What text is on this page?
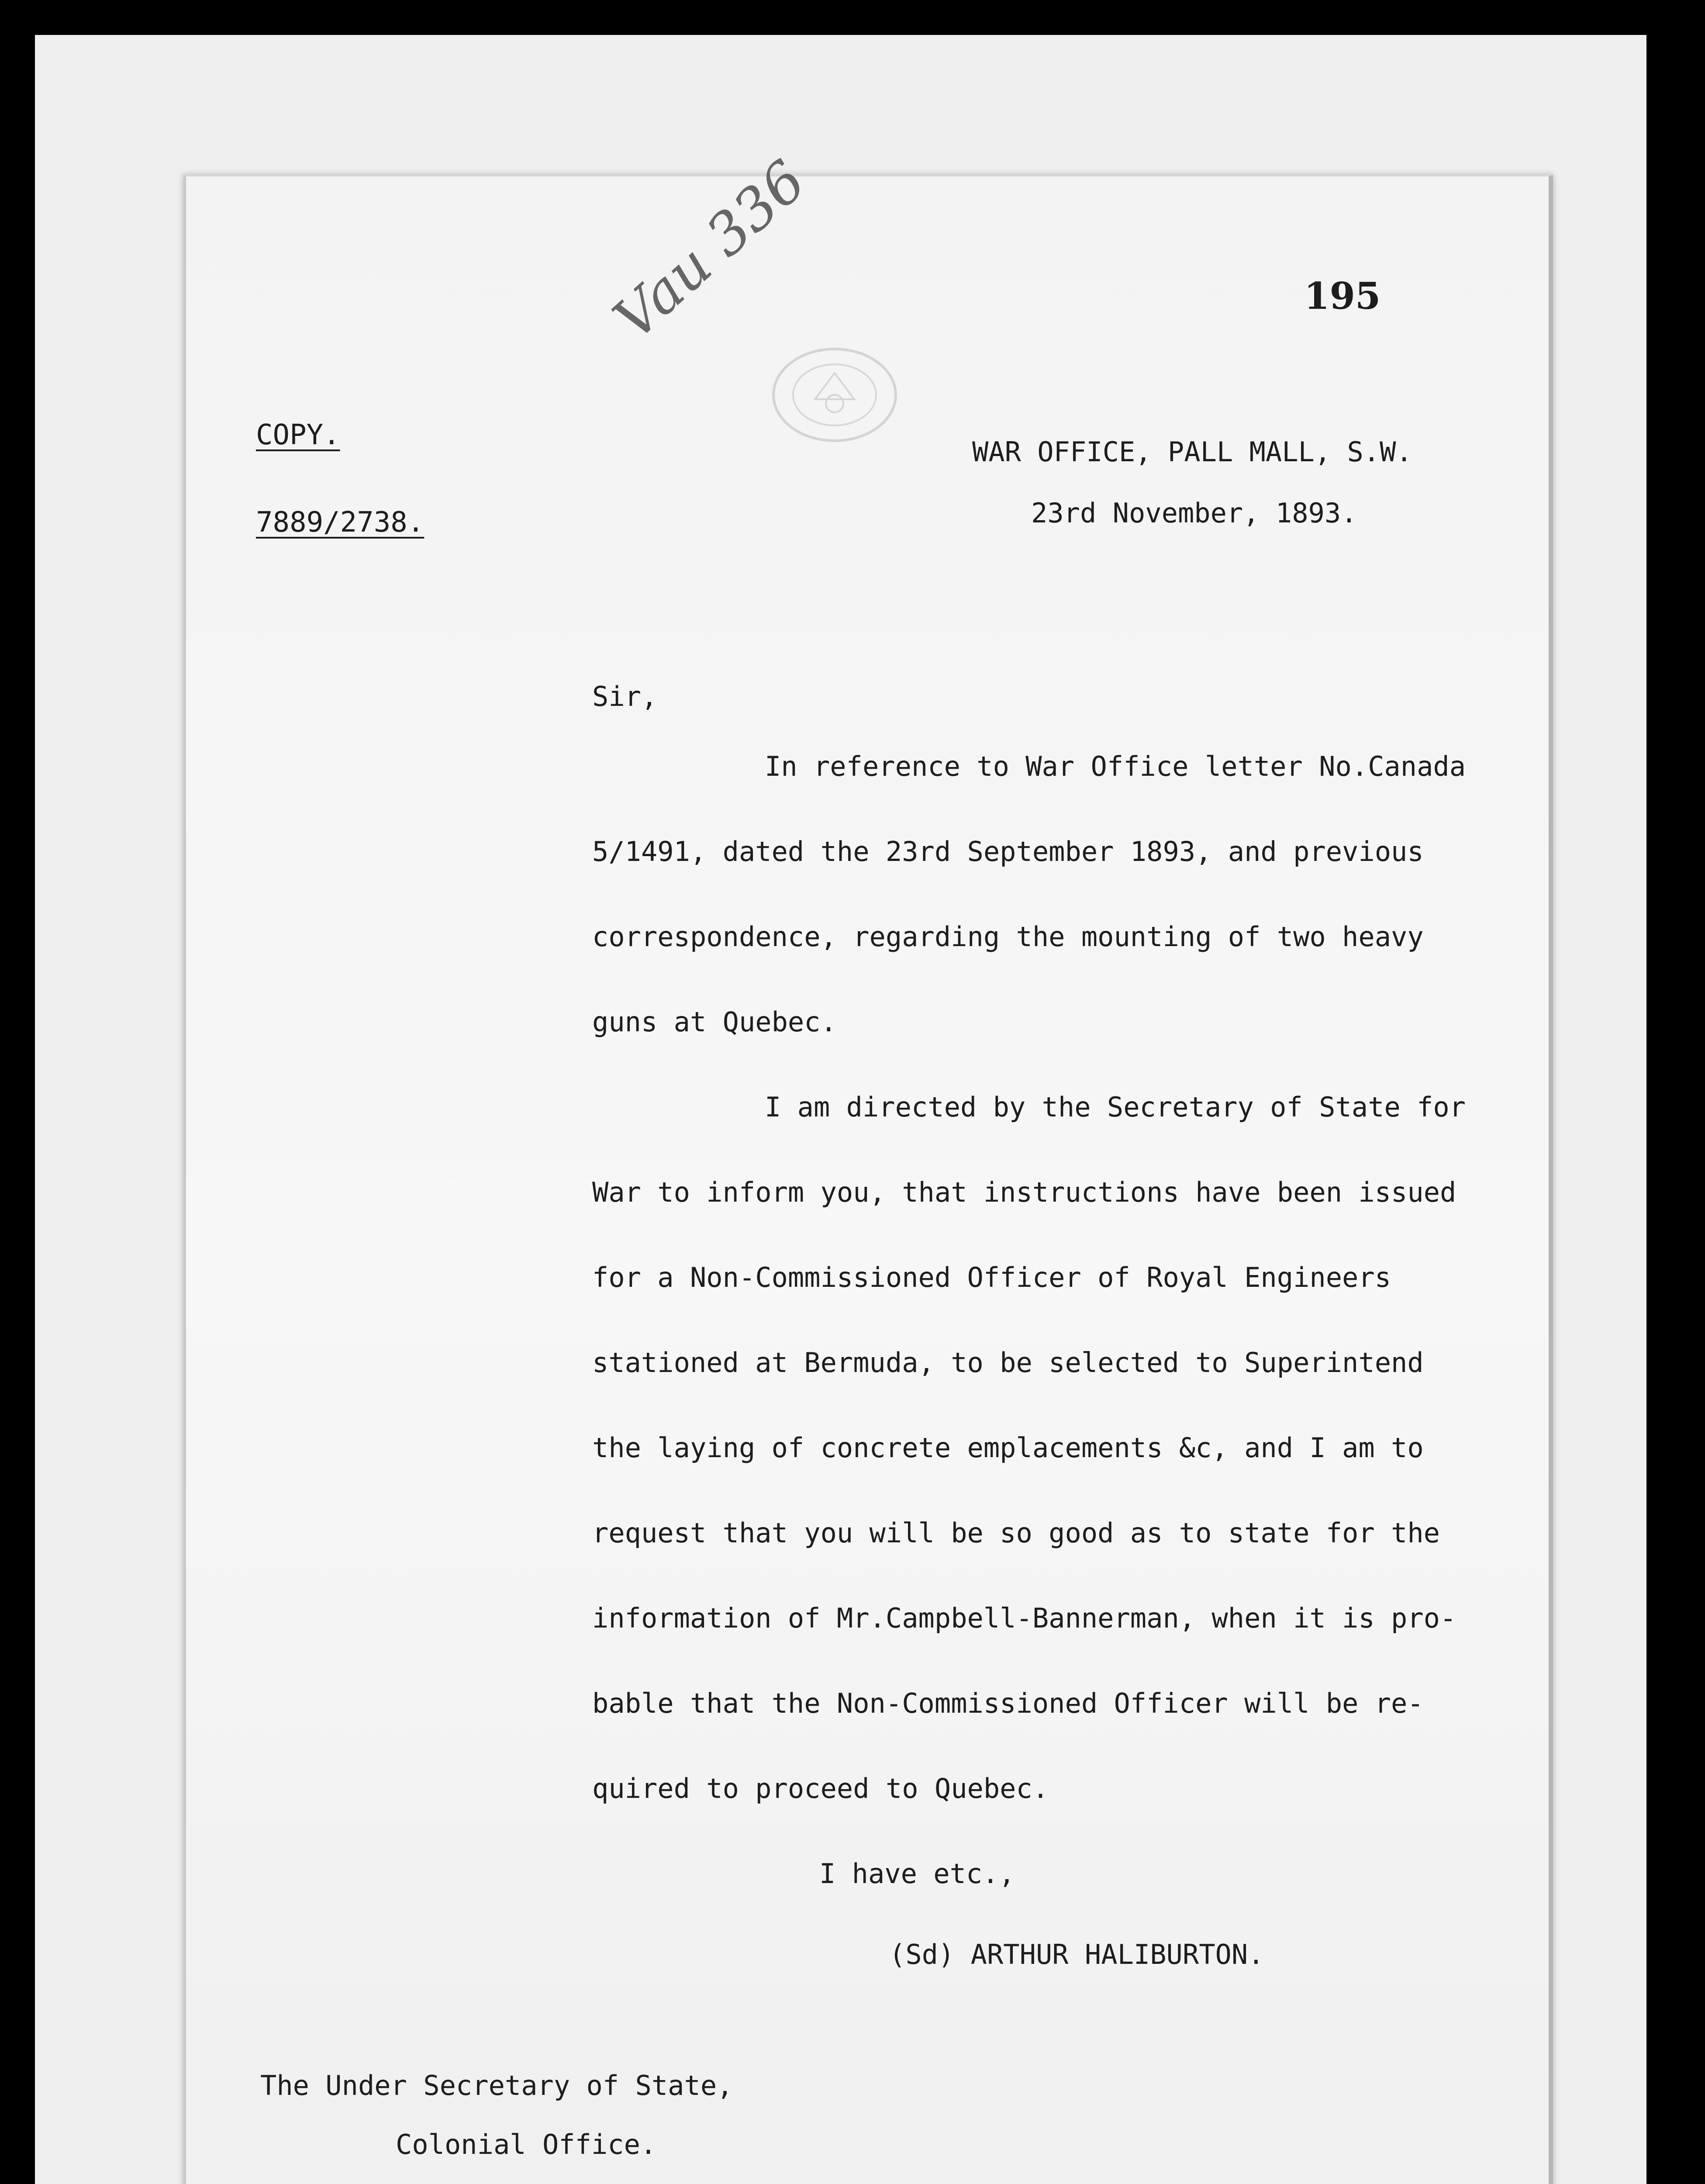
Vau 336	195
COPY.
7889/2738.
WAR OFFICE, PALL MALL, S.W.
23rd November, 1893.
Sir,
In reference to War Office letter No.Canada
5/1491, dated the 23rd September 1893, and previous
correspondence, regarding the mounting of two heavy
guns at Quebec.
I am directed by the Secretary of State for
War to inform you, that instructions have been issued
for a Non-Commissioned Officer of Royal Engineers
stationed at Bermuda, to be selected to Superintend
the laying of concrete emplacements &c, and I am to
request that you will be so good as to state for the
information of Mr.Campbell-Bannerman, when it is pro-
bable that the Non-Commissioned Officer will be re-
quired to proceed to Quebec.
I have etc.,
(Sd) ARTHUR HALIBURTON.
The Under Secretary of State,
Colonial Office.
